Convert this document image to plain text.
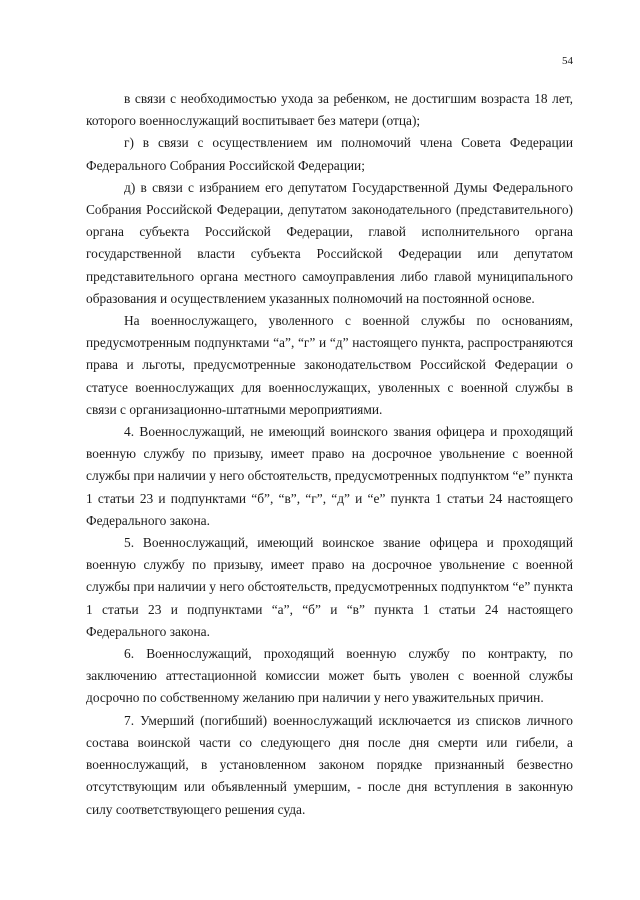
54

в связи с необходимостью ухода за ребенком, не достигшим возраста 18 лет, которого военнослужащий воспитывает без матери (отца);

г) в связи с осуществлением им полномочий члена Совета Федерации Федерального Собрания Российской Федерации;

д) в связи с избранием его депутатом Государственной Думы Федерального Собрания Российской Федерации, депутатом законодательного (представительного) органа субъекта Российской Федерации, главой исполнительного органа государственной власти субъекта Российской Федерации или депутатом представительного органа местного самоуправления либо главой муниципального образования и осуществлением указанных полномочий на постоянной основе.

На военнослужащего, уволенного с военной службы по основаниям, предусмотренным подпунктами “а”, “г” и “д” настоящего пункта, распространяются права и льготы, предусмотренные законодательством Российской Федерации о статусе военнослужащих для военнослужащих, уволенных с военной службы в связи с организационно-штатными мероприятиями.

4. Военнослужащий, не имеющий воинского звания офицера и проходящий военную службу по призыву, имеет право на досрочное увольнение с военной службы при наличии у него обстоятельств, предусмотренных подпунктом “е” пункта 1 статьи 23 и подпунктами “б”, “в”, “г”, “д” и “е” пункта 1 статьи 24 настоящего Федерального закона.

5. Военнослужащий, имеющий воинское звание офицера и проходящий военную службу по призыву, имеет право на досрочное увольнение с военной службы при наличии у него обстоятельств, предусмотренных подпунктом “е” пункта 1 статьи 23 и подпунктами “а”, “б” и “в” пункта 1 статьи 24 настоящего Федерального закона.

6. Военнослужащий, проходящий военную службу по контракту, по заключению аттестационной комиссии может быть уволен с военной службы досрочно по собственному желанию при наличии у него уважительных причин.

7. Умерший (погибший) военнослужащий исключается из списков личного состава воинской части со следующего дня после дня смерти или гибели, а военнослужащий, в установленном законом порядке признанный безвестно отсутствующим или объявленный умершим, - после дня вступления в законную силу соответствующего решения суда.
